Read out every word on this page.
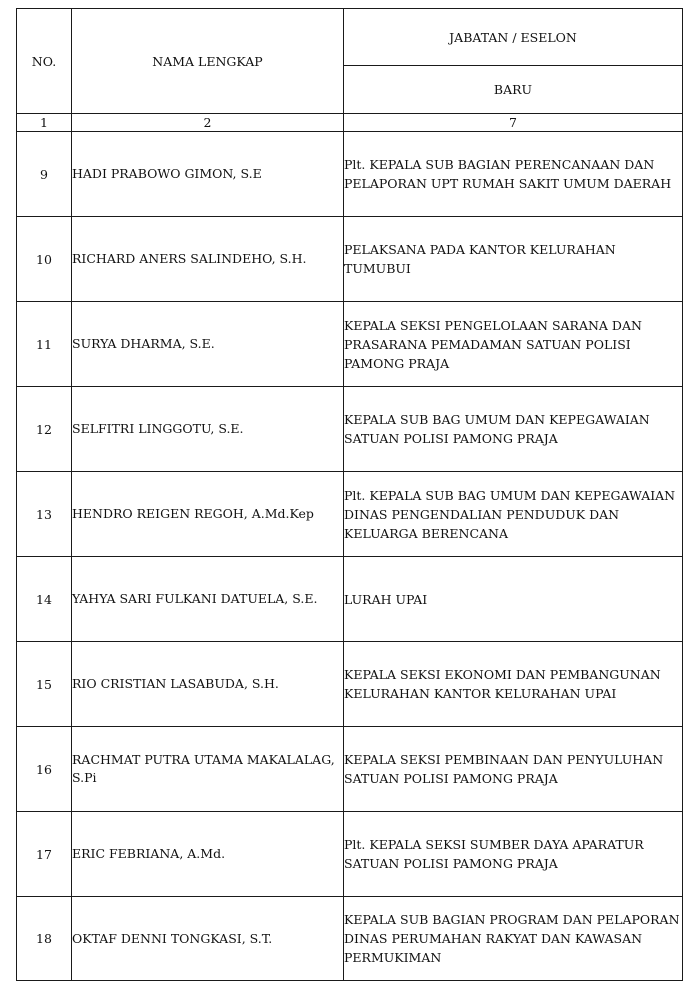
NO.	NAMA LENGKAP	JABATAN / ESELON
		BARU
1	2	7
9	HADI PRABOWO GIMON, S.E	Plt. KEPALA SUB BAGIAN PERENCANAAN DAN PELAPORAN UPT RUMAH SAKIT UMUM DAERAH
10	RICHARD ANERS SALINDEHO, S.H.	PELAKSANA PADA KANTOR KELURAHAN TUMUBUI
11	SURYA DHARMA, S.E.	KEPALA SEKSI PENGELOLAAN SARANA DAN PRASARANA PEMADAMAN SATUAN POLISI PAMONG PRAJA
12	SELFITRI LINGGOTU, S.E.	KEPALA SUB BAG UMUM DAN KEPEGAWAIAN SATUAN POLISI PAMONG PRAJA
13	HENDRO REIGEN REGOH, A.Md.Kep	Plt. KEPALA SUB BAG UMUM DAN KEPEGAWAIAN DINAS PENGENDALIAN PENDUDUK DAN KELUARGA BERENCANA
14	YAHYA SARI FULKANI DATUELA, S.E.	LURAH UPAI
15	RIO CRISTIAN LASABUDA, S.H.	KEPALA SEKSI EKONOMI DAN PEMBANGUNAN KELURAHAN KANTOR KELURAHAN UPAI
16	RACHMAT PUTRA UTAMA MAKALALAG, S.Pi	KEPALA SEKSI PEMBINAAN DAN PENYULUHAN SATUAN POLISI PAMONG PRAJA
17	ERIC FEBRIANA, A.Md.	Plt. KEPALA SEKSI SUMBER DAYA APARATUR SATUAN POLISI PAMONG PRAJA
18	OKTAF DENNI TONGKASI, S.T.	KEPALA SUB BAGIAN PROGRAM DAN PELAPORAN DINAS PERUMAHAN RAKYAT DAN KAWASAN PERMUKIMAN
